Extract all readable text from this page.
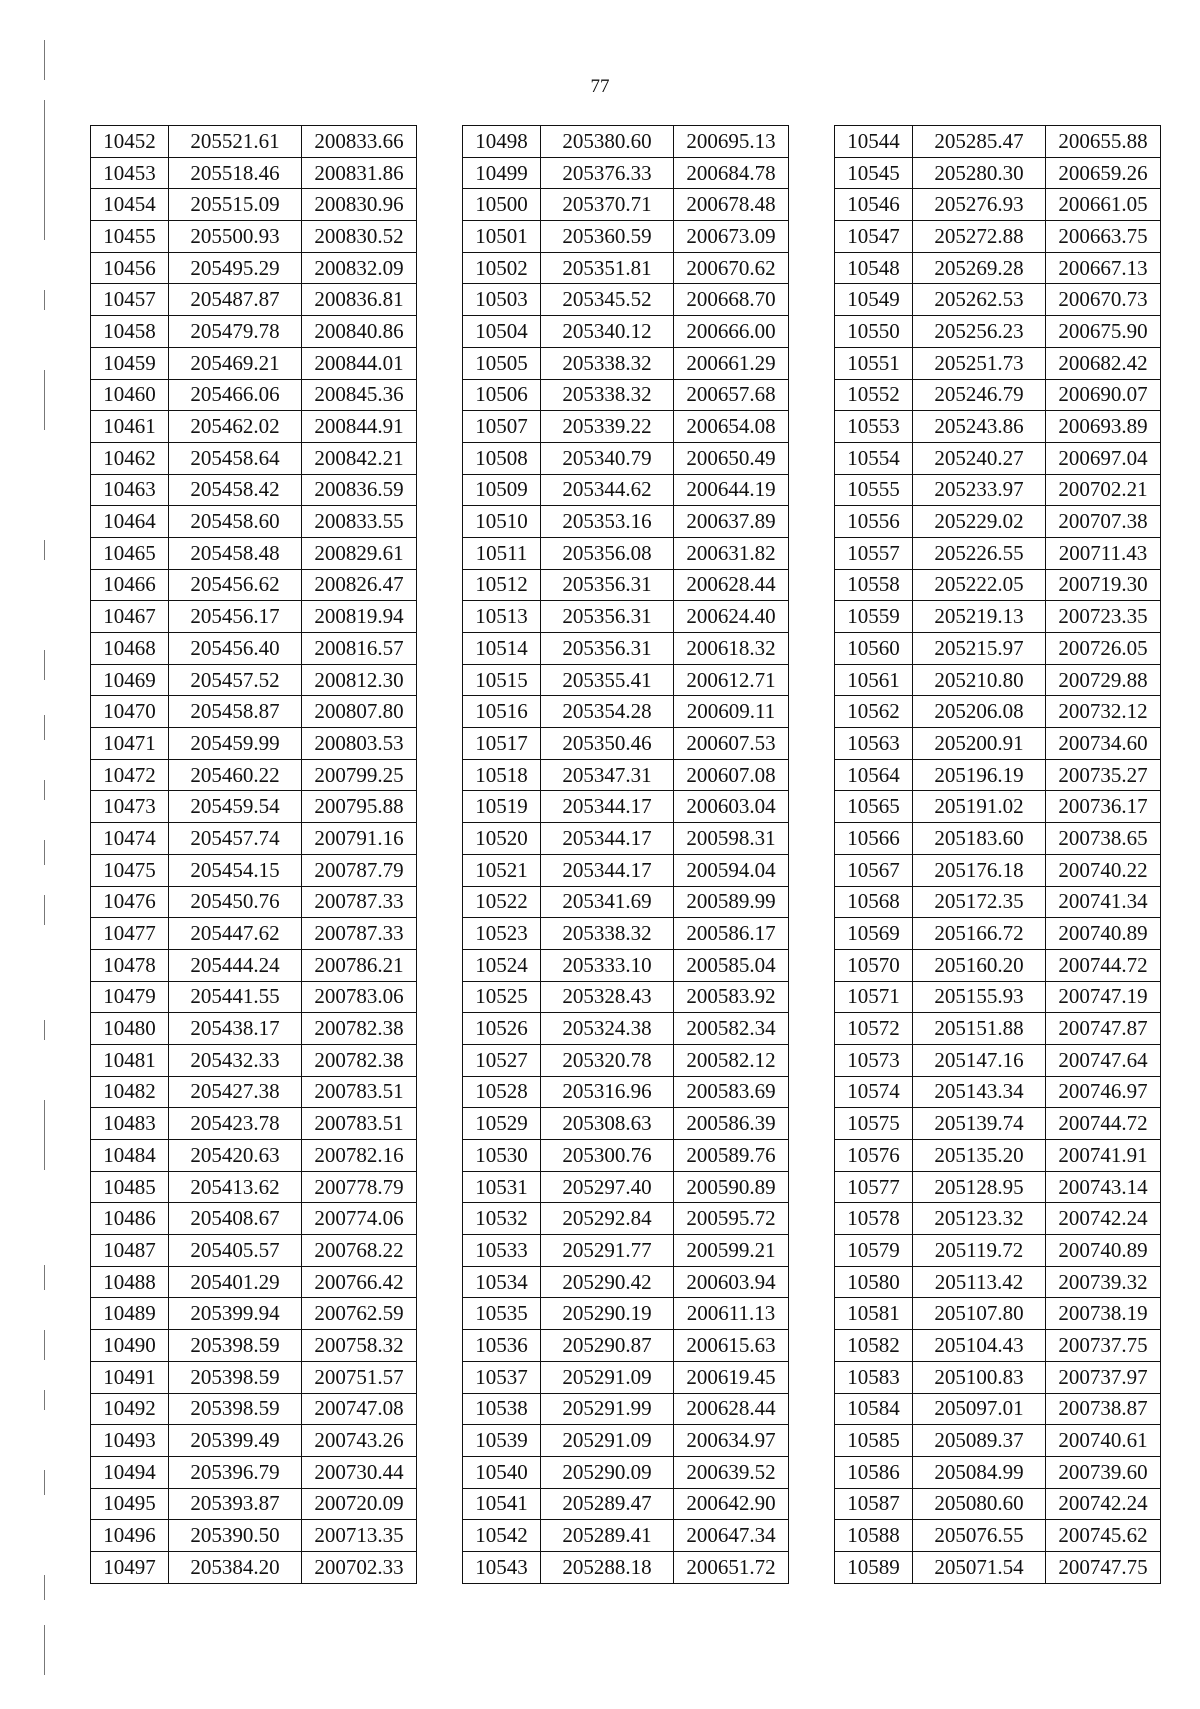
77
10452	205521.61	200833.66
10453	205518.46	200831.86
10454	205515.09	200830.96
10455	205500.93	200830.52
10456	205495.29	200832.09
10457	205487.87	200836.81
10458	205479.78	200840.86
10459	205469.21	200844.01
10460	205466.06	200845.36
10461	205462.02	200844.91
10462	205458.64	200842.21
10463	205458.42	200836.59
10464	205458.60	200833.55
10465	205458.48	200829.61
10466	205456.62	200826.47
10467	205456.17	200819.94
10468	205456.40	200816.57
10469	205457.52	200812.30
10470	205458.87	200807.80
10471	205459.99	200803.53
10472	205460.22	200799.25
10473	205459.54	200795.88
10474	205457.74	200791.16
10475	205454.15	200787.79
10476	205450.76	200787.33
10477	205447.62	200787.33
10478	205444.24	200786.21
10479	205441.55	200783.06
10480	205438.17	200782.38
10481	205432.33	200782.38
10482	205427.38	200783.51
10483	205423.78	200783.51
10484	205420.63	200782.16
10485	205413.62	200778.79
10486	205408.67	200774.06
10487	205405.57	200768.22
10488	205401.29	200766.42
10489	205399.94	200762.59
10490	205398.59	200758.32
10491	205398.59	200751.57
10492	205398.59	200747.08
10493	205399.49	200743.26
10494	205396.79	200730.44
10495	205393.87	200720.09
10496	205390.50	200713.35
10497	205384.20	200702.33
10498	205380.60	200695.13
10499	205376.33	200684.78
10500	205370.71	200678.48
10501	205360.59	200673.09
10502	205351.81	200670.62
10503	205345.52	200668.70
10504	205340.12	200666.00
10505	205338.32	200661.29
10506	205338.32	200657.68
10507	205339.22	200654.08
10508	205340.79	200650.49
10509	205344.62	200644.19
10510	205353.16	200637.89
10511	205356.08	200631.82
10512	205356.31	200628.44
10513	205356.31	200624.40
10514	205356.31	200618.32
10515	205355.41	200612.71
10516	205354.28	200609.11
10517	205350.46	200607.53
10518	205347.31	200607.08
10519	205344.17	200603.04
10520	205344.17	200598.31
10521	205344.17	200594.04
10522	205341.69	200589.99
10523	205338.32	200586.17
10524	205333.10	200585.04
10525	205328.43	200583.92
10526	205324.38	200582.34
10527	205320.78	200582.12
10528	205316.96	200583.69
10529	205308.63	200586.39
10530	205300.76	200589.76
10531	205297.40	200590.89
10532	205292.84	200595.72
10533	205291.77	200599.21
10534	205290.42	200603.94
10535	205290.19	200611.13
10536	205290.87	200615.63
10537	205291.09	200619.45
10538	205291.99	200628.44
10539	205291.09	200634.97
10540	205290.09	200639.52
10541	205289.47	200642.90
10542	205289.41	200647.34
10543	205288.18	200651.72
10544	205285.47	200655.88
10545	205280.30	200659.26
10546	205276.93	200661.05
10547	205272.88	200663.75
10548	205269.28	200667.13
10549	205262.53	200670.73
10550	205256.23	200675.90
10551	205251.73	200682.42
10552	205246.79	200690.07
10553	205243.86	200693.89
10554	205240.27	200697.04
10555	205233.97	200702.21
10556	205229.02	200707.38
10557	205226.55	200711.43
10558	205222.05	200719.30
10559	205219.13	200723.35
10560	205215.97	200726.05
10561	205210.80	200729.88
10562	205206.08	200732.12
10563	205200.91	200734.60
10564	205196.19	200735.27
10565	205191.02	200736.17
10566	205183.60	200738.65
10567	205176.18	200740.22
10568	205172.35	200741.34
10569	205166.72	200740.89
10570	205160.20	200744.72
10571	205155.93	200747.19
10572	205151.88	200747.87
10573	205147.16	200747.64
10574	205143.34	200746.97
10575	205139.74	200744.72
10576	205135.20	200741.91
10577	205128.95	200743.14
10578	205123.32	200742.24
10579	205119.72	200740.89
10580	205113.42	200739.32
10581	205107.80	200738.19
10582	205104.43	200737.75
10583	205100.83	200737.97
10584	205097.01	200738.87
10585	205089.37	200740.61
10586	205084.99	200739.60
10587	205080.60	200742.24
10588	205076.55	200745.62
10589	205071.54	200747.75
